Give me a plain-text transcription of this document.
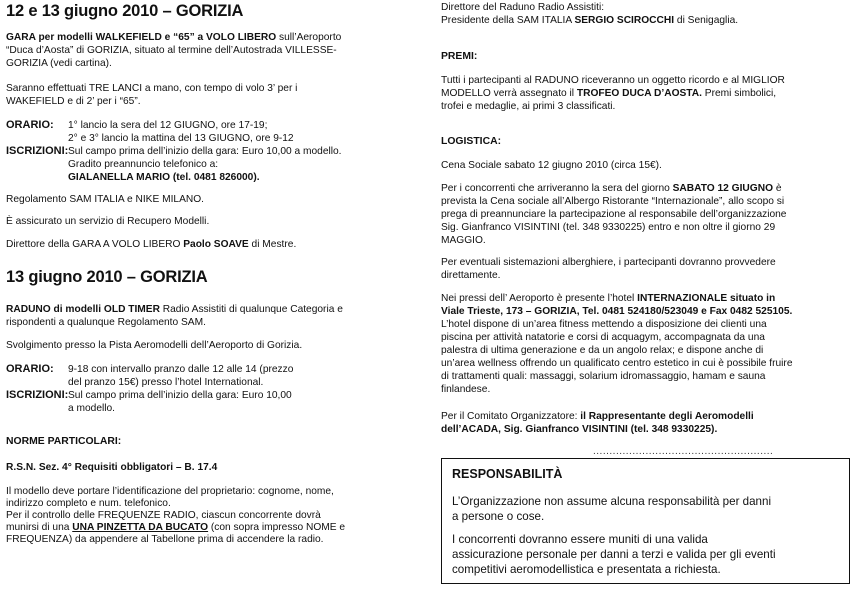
12 e 13 giugno 2010 – GORIZIA
GARA per modelli WALKEFIELD e “65” a VOLO LIBERO sull’Aeroporto
“Duca d’Aosta” di GORIZIA, situato al termine dell’Autostrada VILLESSE-
GORIZIA (vedi cartina).
Saranno effettuati TRE LANCI a mano, con tempo di volo 3’ per i
WAKEFIELD e di 2’ per i “65”.
ORARIO: 1° lancio la sera del 12 GIUGNO, ore 17-19;
2° e 3° lancio la mattina del 13 GIUGNO, ore 9-12
ISCRIZIONI: Sul campo prima dell’inizio della gara: Euro 10,00 a modello.
Gradito preannuncio telefonico a:
GIALANELLA MARIO (tel. 0481 826000).
Regolamento SAM ITALIA e NIKE MILANO.
È assicurato un servizio di Recupero Modelli.
Direttore della GARA A VOLO LIBERO Paolo SOAVE di Mestre.
13 giugno 2010 – GORIZIA
RADUNO di modelli OLD TIMER Radio Assistiti di qualunque Categoria e
rispondenti a qualunque Regolamento SAM.
Svolgimento presso la Pista Aeromodelli dell’Aeroporto di Gorizia.
ORARIO: 9-18 con intervallo pranzo dalle 12 alle 14 (prezzo
del pranzo 15€) presso l’hotel International.
ISCRIZIONI: Sul campo prima dell’inizio della gara: Euro 10,00
a modello.
NORME PARTICOLARI:
R.S.N. Sez. 4° Requisiti obbligatori – B. 17.4
Il modello deve portare l’identificazione del proprietario: cognome, nome,
indirizzo completo e num. telefonico.
Per il controllo delle FREQUENZE RADIO, ciascun concorrente dovrà
munirsi di una UNA PINZETTA DA BUCATO (con sopra impresso NOME e
FREQUENZA) da appendere al Tabellone prima di accendere la radio.
Direttore del Raduno Radio Assistiti:
Presidente della SAM ITALIA SERGIO SCIROCCHI di Senigaglia.
PREMI:
Tutti i partecipanti al RADUNO riceveranno un oggetto ricordo e al MIGLIOR
MODELLO verrà assegnato il TROFEO DUCA D’AOSTA. Premi simbolici,
trofei e medaglie, ai primi 3 classificati.
LOGISTICA:
Cena Sociale sabato 12 giugno 2010 (circa 15€).
Per i concorrenti che arriveranno la sera del giorno SABATO 12 GIUGNO è
prevista la Cena sociale all’Albergo Ristorante “Internazionale”, allo scopo si
prega di preannunciare la partecipazione al responsabile dell’organizzazione
Sig. Gianfranco VISINTINI (tel. 348 9330225) entro e non oltre il giorno 29
MAGGIO.
Per eventuali sistemazioni alberghiere, i partecipanti dovranno provvedere
direttamente.
Nei pressi dell’ Aeroporto è presente l’hotel INTERNAZIONALE situato in
Viale Trieste, 173 – GORIZIA, Tel. 0481 524180/523049 e Fax 0482 525105.
L’hotel dispone di un’area fitness mettendo a disposizione dei clienti una
piscina per attività natatorie e corsi di acquagym, accompagnata da una
palestra di ultima generazione e da un angolo relax; e dispone anche di
un’area wellness offrendo un qualificato centro estetico in cui è possibile fruire
di trattamenti quali: massaggi, solarium idromassaggio, hamam e sauna
finlandese.
Per il Comitato Organizzatore: il Rappresentante degli Aeromodelli
dell’ACADA, Sig. Gianfranco VISINTINI (tel. 348 9330225).
.......................................................
RESPONSABILITÀ
L’Organizzazione non assume alcuna responsabilità per danni
a persone o cose.
I concorrenti dovranno essere muniti di una valida
assicurazione personale per danni a terzi e valida per gli eventi
competitivi aeromodellistica e presentata a richiesta.
